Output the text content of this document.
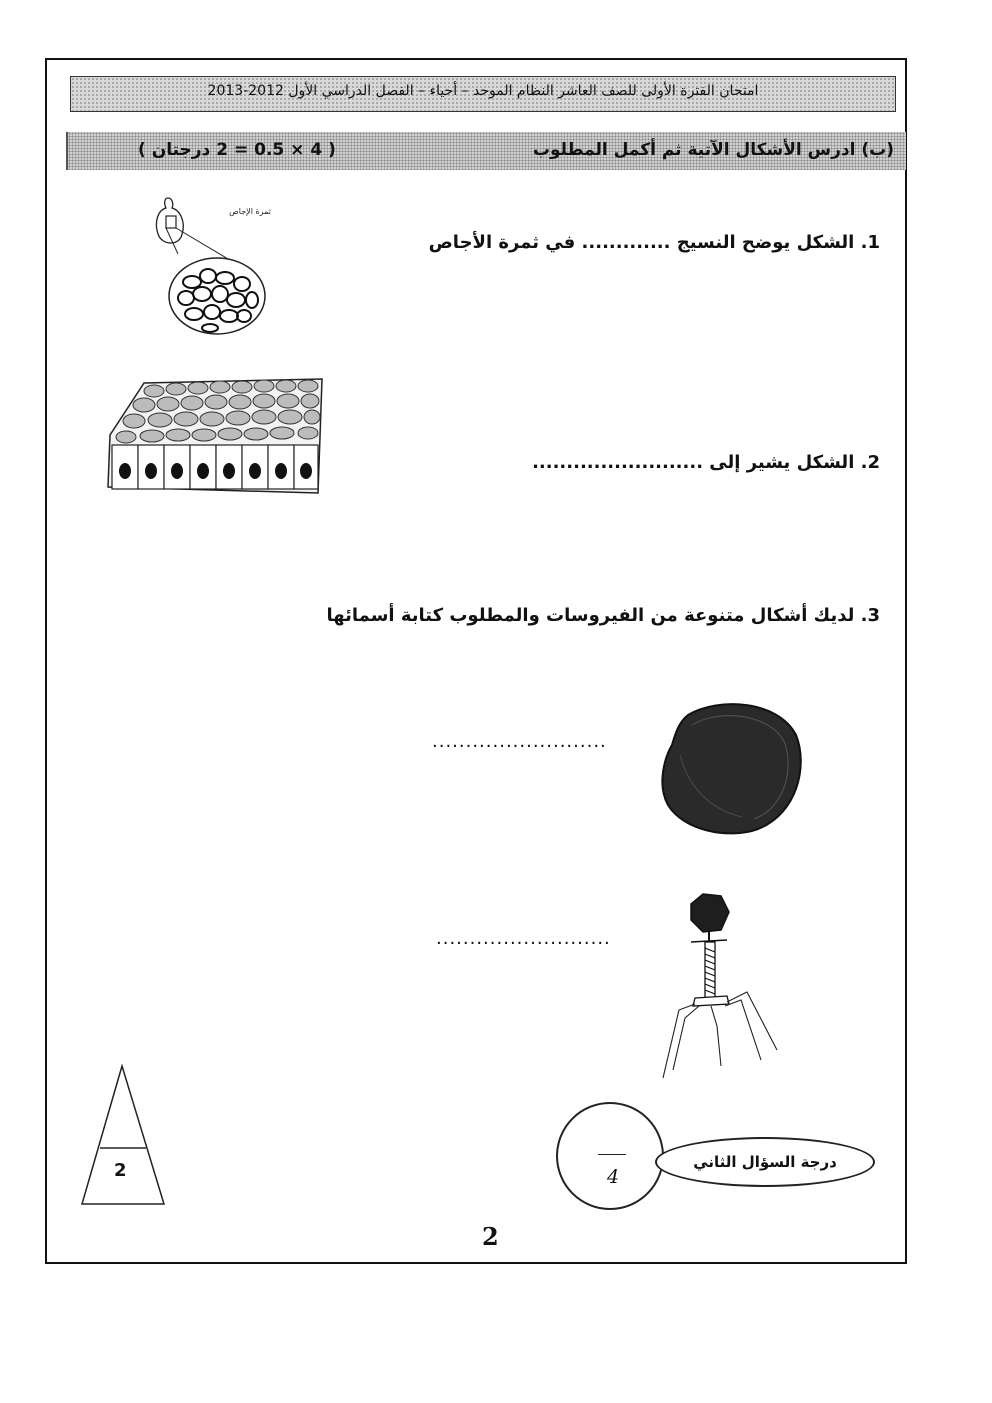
امتحان الفترة الأولى للصف العاشر النظام الموحد – أحياء – الفصل الدراسي الأول 2012-2013
(ب) ادرس الأشكال الآتية ثم أكمل المطلوب
( 4 × 0.5 = 2 درجتان )
1. الشكل يوضح النسيج ............. في ثمرة الأجاص
ثمرة الإجاص
2. الشكل يشير إلى .........................
3. لديك أشكال متنوعة من الفيروسات والمطلوب كتابة أسمائها
..........................
..........................
2	4
درجة السؤال الثاني
2
